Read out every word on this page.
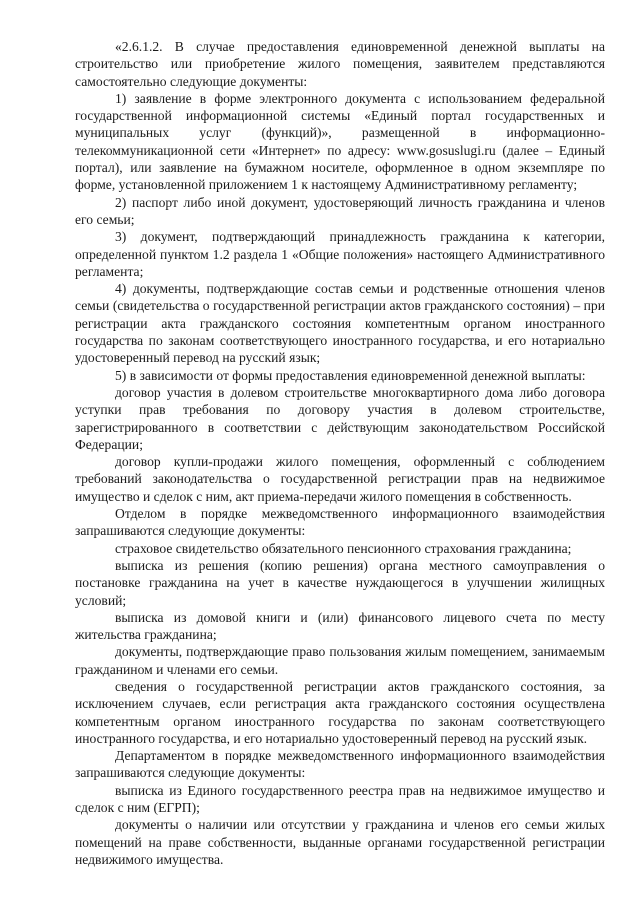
«2.6.1.2. В случае предоставления единовременной денежной выплаты на строительство или приобретение жилого помещения, заявителем представляются самостоятельно следующие документы:

1) заявление в форме электронного документа с использованием федеральной государственной информационной системы «Единый портал государственных и муниципальных услуг (функций)», размещенной в информационно-телекоммуникационной сети «Интернет» по адресу: www.gosuslugi.ru (далее – Единый портал), или заявление на бумажном носителе, оформленное в одном экземпляре по форме, установленной приложением 1 к настоящему Административному регламенту;

2) паспорт либо иной документ, удостоверяющий личность гражданина и членов его семьи;

3) документ, подтверждающий принадлежность гражданина к категории, определенной пунктом 1.2 раздела 1 «Общие положения» настоящего Административного регламента;

4) документы, подтверждающие состав семьи и родственные отношения членов семьи (свидетельства о государственной регистрации актов гражданского состояния) – при регистрации акта гражданского состояния компетентным органом иностранного государства по законам соответствующего иностранного государства, и его нотариально удостоверенный перевод на русский язык;

5) в зависимости от формы предоставления единовременной денежной выплаты:

договор участия в долевом строительстве многоквартирного дома либо договора уступки прав требования по договору участия в долевом строительстве, зарегистрированного в соответствии с действующим законодательством Российской Федерации;

договор купли-продажи жилого помещения, оформленный с соблюдением требований законодательства о государственной регистрации прав на недвижимое имущество и сделок с ним, акт приема-передачи жилого помещения в собственность.

Отделом в порядке межведомственного информационного взаимодействия запрашиваются следующие документы:

страховое свидетельство обязательного пенсионного страхования гражданина;

выписка из решения (копию решения) органа местного самоуправления о постановке гражданина на учет в качестве нуждающегося в улучшении жилищных условий;

выписка из домовой книги и (или) финансового лицевого счета по месту жительства гражданина;

документы, подтверждающие право пользования жилым помещением, занимаемым гражданином и членами его семьи.

сведения о государственной регистрации актов гражданского состояния, за исключением случаев, если регистрация акта гражданского состояния осуществлена компетентным органом иностранного государства по законам соответствующего иностранного государства, и его нотариально удостоверенный перевод на русский язык.

Департаментом в порядке межведомственного информационного взаимодействия запрашиваются следующие документы:

выписка из Единого государственного реестра прав на недвижимое имущество и сделок с ним (ЕГРП);

документы о наличии или отсутствии у гражданина и членов его семьи жилых помещений на праве собственности, выданные органами государственной регистрации недвижимого имущества.
